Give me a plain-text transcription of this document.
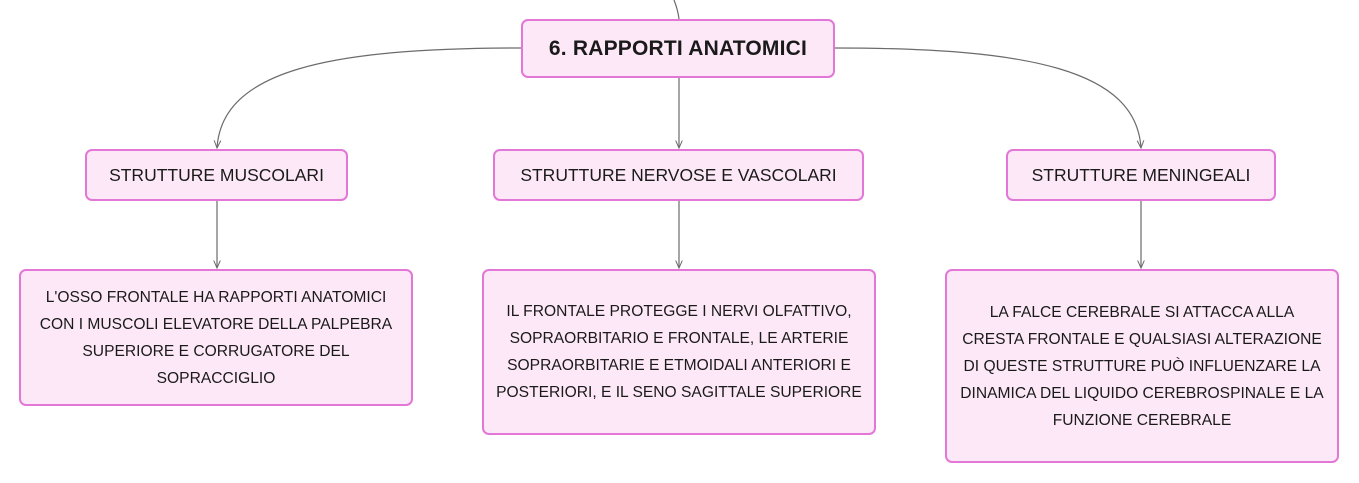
6. RAPPORTI ANATOMICI
STRUTTURE MUSCOLARI	STRUTTURE NERVOSE E VASCOLARI	STRUTTURE MENINGEALI
L'OSSO FRONTALE HA RAPPORTI ANATOMICI CON I MUSCOLI ELEVATORE DELLA PALPEBRA SUPERIORE E CORRUGATORE DEL SOPRACCIGLIO
IL FRONTALE PROTEGGE I NERVI OLFATTIVO, SOPRAORBITARIO E FRONTALE, LE ARTERIE SOPRAORBITARIE E ETMOIDALI ANTERIORI E POSTERIORI, E IL SENO SAGITTALE SUPERIORE
LA FALCE CEREBRALE SI ATTACCA ALLA CRESTA FRONTALE E QUALSIASI ALTERAZIONE DI QUESTE STRUTTURE PUÒ INFLUENZARE LA DINAMICA DEL LIQUIDO CEREBROSPINALE E LA FUNZIONE CEREBRALE
